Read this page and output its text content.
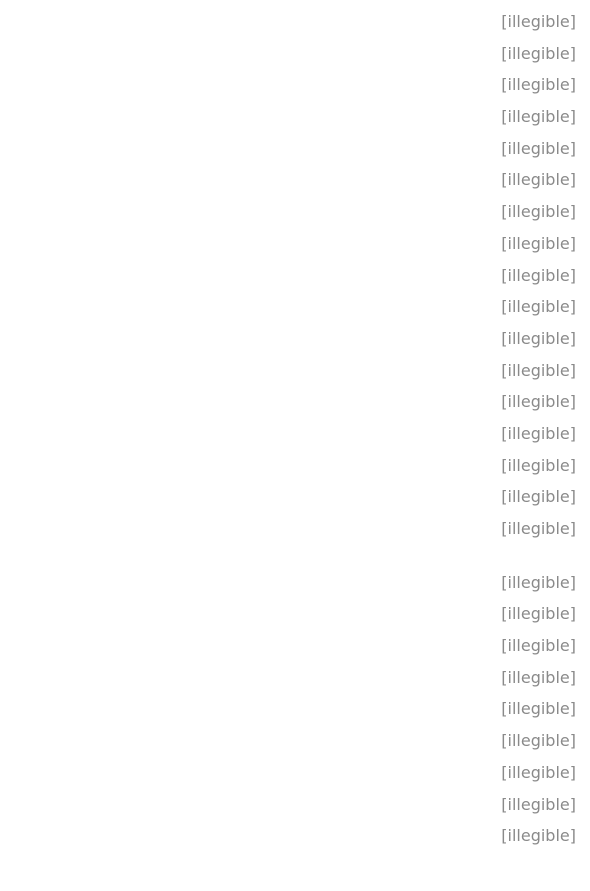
[illegible]
[illegible]
[illegible]
[illegible]
[illegible]
[illegible]
[illegible]
[illegible]
[illegible]
[illegible]
[illegible]
[illegible]
[illegible]
[illegible]
[illegible]
[illegible]
[illegible]
[illegible]
[illegible]
[illegible]
[illegible]
[illegible]
[illegible]
[illegible]
[illegible]
[illegible]
